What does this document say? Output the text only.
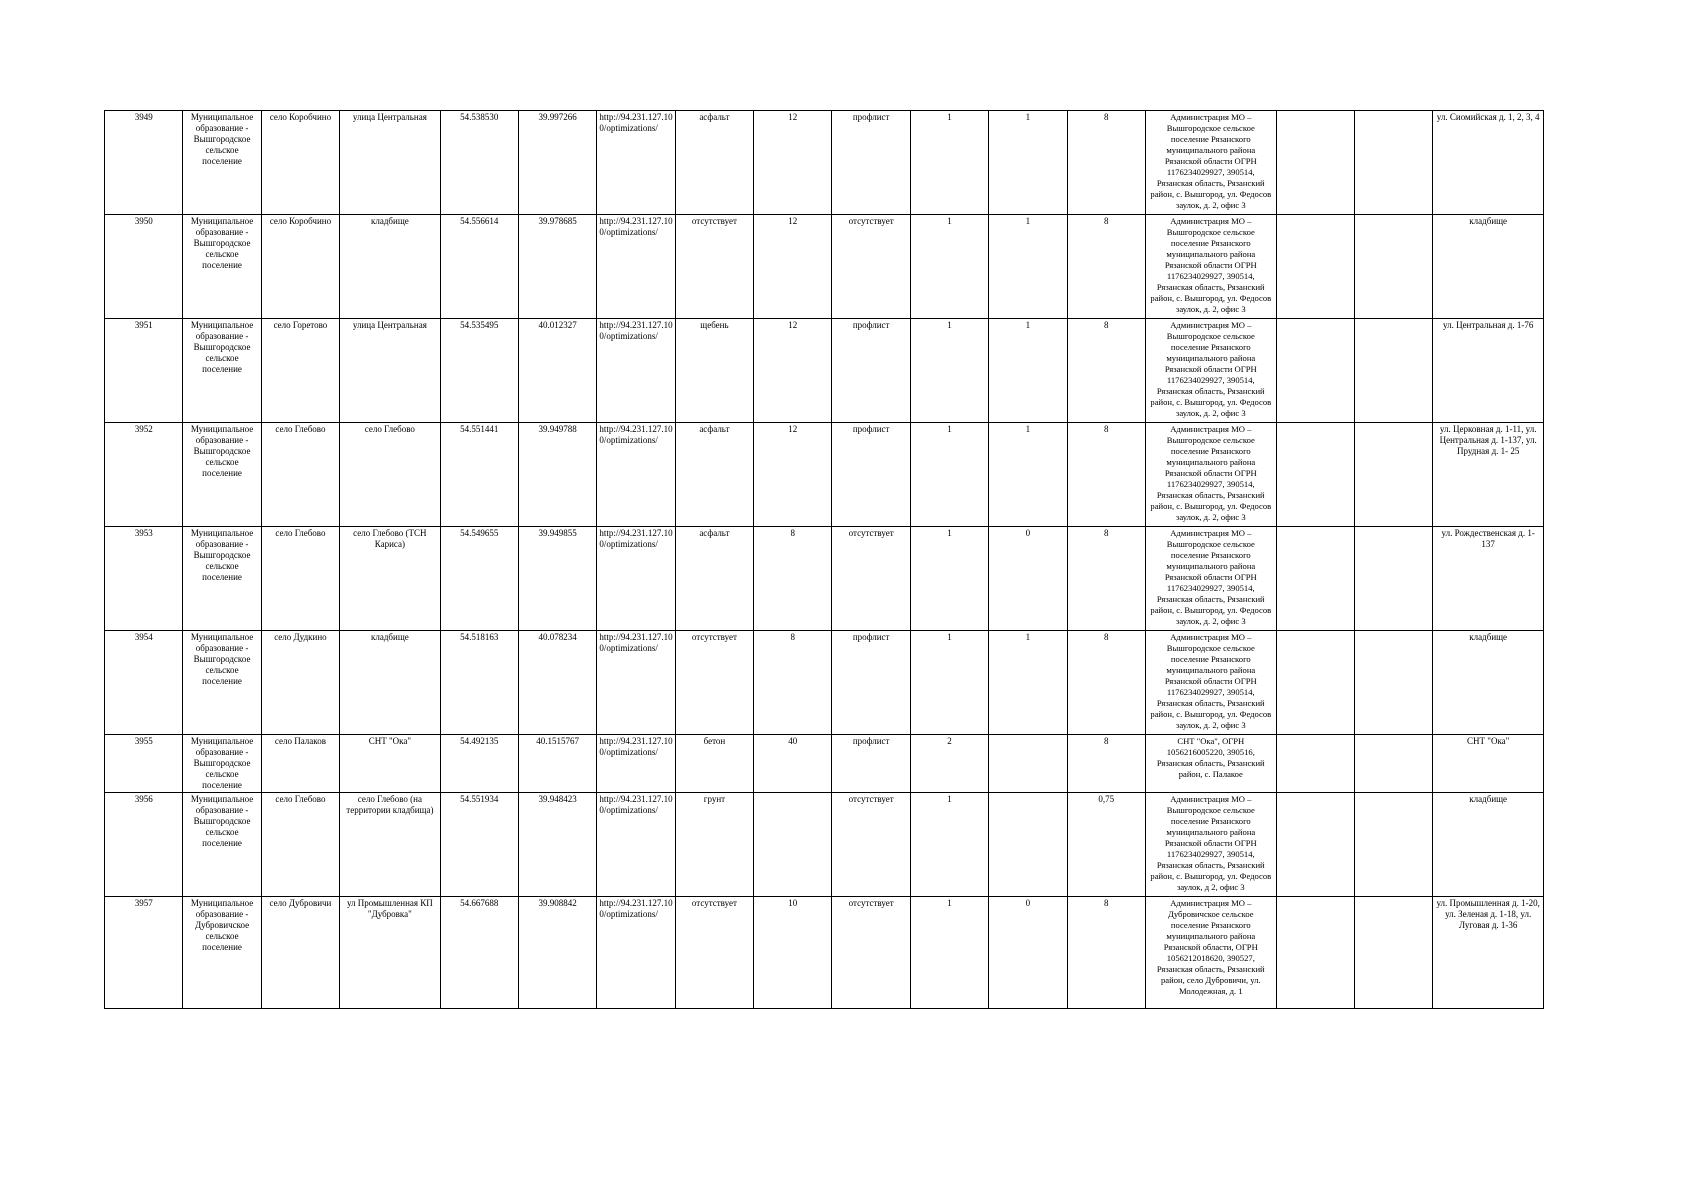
3949	Муниципальное образование - Вышгородское сельское поселение	село Коробчино	улица Центральная	54.538530	39.997266	http://94.231.127.100/optimizations/	асфальт	12	профлист	1	1	8	Администрация МО – Вышгородское сельское поселение Рязанского муниципального района Рязанской области ОГРН 1176234029927, 390514, Рязанская область, Рязанский район, с. Вышгород, ул. Федосов заулок, д. 2, офис 3			ул. Сиомийская д. 1, 2, 3, 4
3950	Муниципальное образование - Вышгородское сельское поселение	село Коробчино	кладбище	54.556614	39.978685	http://94.231.127.100/optimizations/	отсутствует	12	отсутствует	1	1	8	Администрация МО – Вышгородское сельское поселение Рязанского муниципального района Рязанской области ОГРН 1176234029927, 390514, Рязанская область, Рязанский район, с. Вышгород, ул. Федосов заулок, д. 2, офис 3			кладбище
3951	Муниципальное образование - Вышгородское сельское поселение	село Горетово	улица Центральная	54.535495	40.012327	http://94.231.127.100/optimizations/	щебень	12	профлист	1	1	8	Администрация МО – Вышгородское сельское поселение Рязанского муниципального района Рязанской области ОГРН 1176234029927, 390514, Рязанская область, Рязанский район, с. Вышгород, ул. Федосов заулок, д. 2, офис 3			ул. Центральная д. 1-76
3952	Муниципальное образование - Вышгородское сельское поселение	село Глебово	село Глебово	54.551441	39.949788	http://94.231.127.100/optimizations/	асфальт	12	профлист	1	1	8	Администрация МО – Вышгородское сельское поселение Рязанского муниципального района Рязанской области ОГРН 1176234029927, 390514, Рязанская область, Рязанский район, с. Вышгород, ул. Федосов заулок, д. 2, офис 3			ул. Церковная д. 1-11, ул. Центральная д. 1-137, ул. Прудная д. 1- 25
3953	Муниципальное образование - Вышгородское сельское поселение	село Глебово	село Глебово (ТСН Кариса)	54.549655	39.949855	http://94.231.127.100/optimizations/	асфальт	8	отсутствует	1	0	8	Администрация МО – Вышгородское сельское поселение Рязанского муниципального района Рязанской области ОГРН 1176234029927, 390514, Рязанская область, Рязанский район, с. Вышгород, ул. Федосов заулок, д. 2, офис 3			ул. Рождественская д. 1-137
3954	Муниципальное образование - Вышгородское сельское поселение	село Дудкино	кладбище	54.518163	40.078234	http://94.231.127.100/optimizations/	отсутствует	8	профлист	1	1	8	Администрация МО – Вышгородское сельское поселение Рязанского муниципального района Рязанской области ОГРН 1176234029927, 390514, Рязанская область, Рязанский район, с. Вышгород, ул. Федосов заулок, д. 2, офис 3			кладбище
3955	Муниципальное образование - Вышгородское сельское поселение	село Палаков	СНТ "Ока"	54.492135	40.1515767	http://94.231.127.100/optimizations/	бетон	40	профлист	2		8	СНТ "Ока", ОГРН 1056216005220, 390516, Рязанская область, Рязанский район, с. Палакое			СНТ "Ока"
3956	Муниципальное образование - Вышгородское сельское поселение	село Глебово	село Глебово (на территории кладбища)	54.551934	39.948423	http://94.231.127.100/optimizations/	грунт		отсутствует	1		0,75	Администрация МО – Вышгородское сельское поселение Рязанского муниципального района Рязанской области ОГРН 1176234029927, 390514, Рязанская область, Рязанский район, с. Вышгород, ул. Федосов заулок, д 2, офис 3			кладбище
3957	Муниципальное образование - Дубровичское сельское поселение	село Дубровичи	ул Промышленная КП "Дубровка"	54.667688	39.908842	http://94.231.127.100/optimizations/	отсутствует	10	отсутствует	1	0	8	Администрация МО – Дубровичское сельское поселение Рязанского муниципального района Рязанской области, ОГРН 1056212018620, 390527, Рязанская область, Рязанский район, село Дубровичи, ул. Молодежная, д. 1			ул. Промышленная д. 1-20, ул. Зеленая д. 1-18, ул. Луговая д. 1-36
